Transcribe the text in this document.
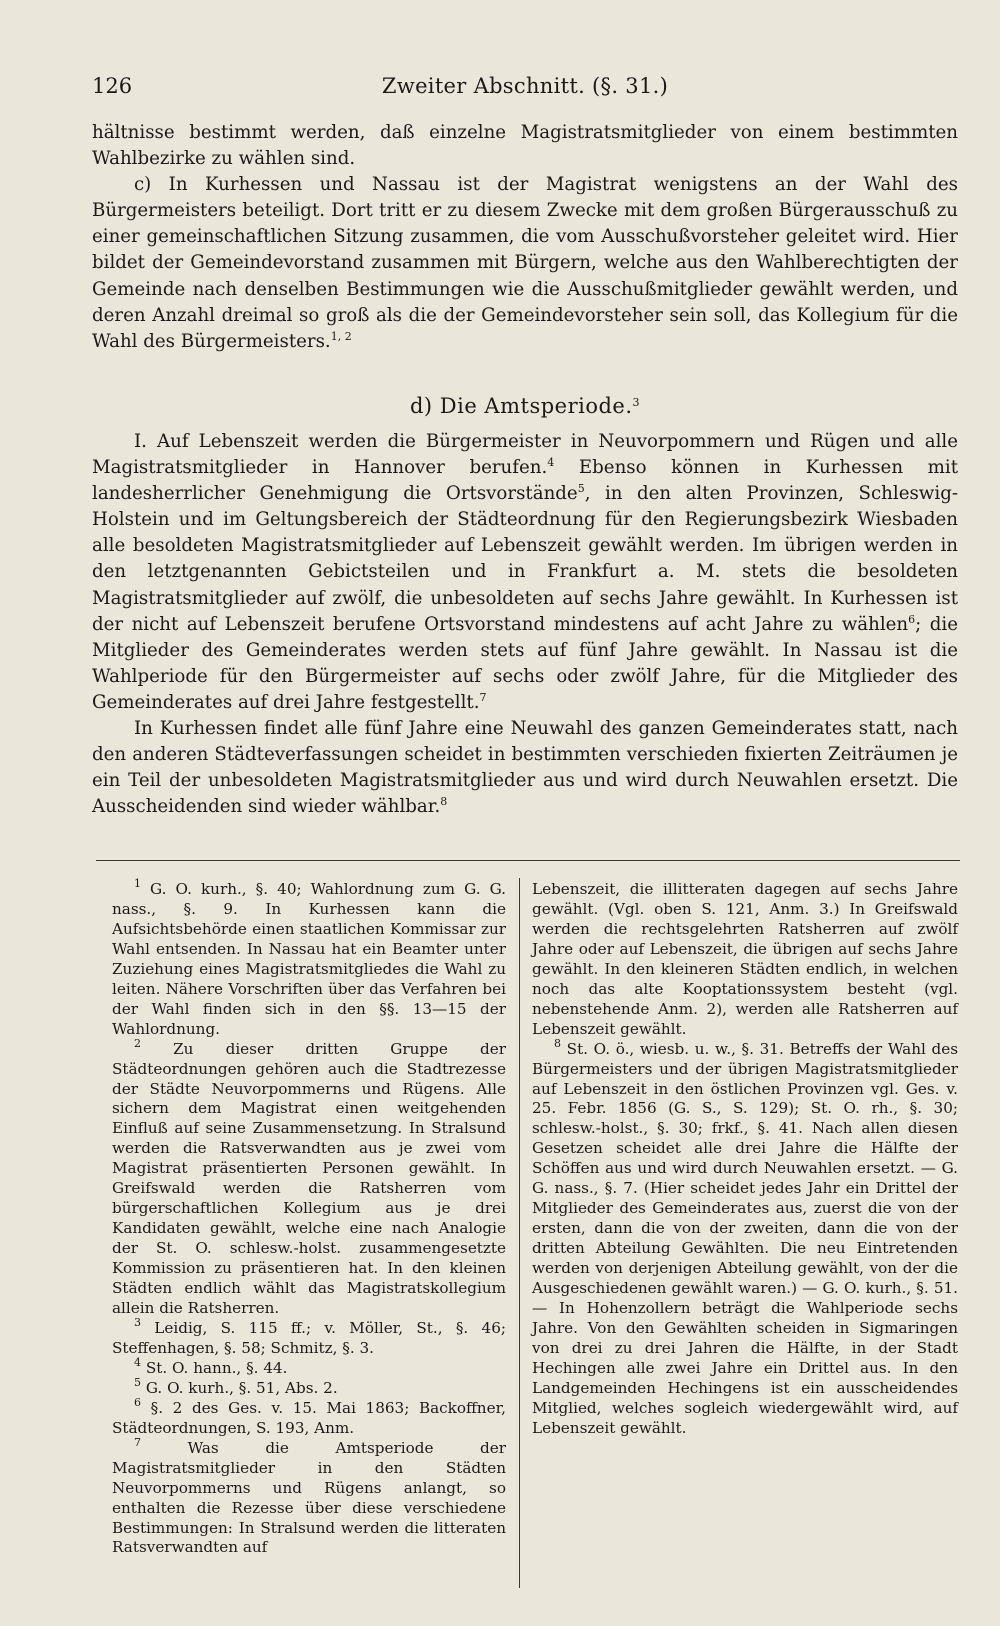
126	Zweiter Abschnitt. (§. 31.)

hältnisse bestimmt werden, daß einzelne Magistratsmitglieder von einem bestimmten Wahlbezirke zu wählen sind.

c) In Kurhessen und Nassau ist der Magistrat wenigstens an der Wahl des Bürgermeisters beteiligt. Dort tritt er zu diesem Zwecke mit dem großen Bürgerausschuß zu einer gemeinschaftlichen Sitzung zusammen, die vom Ausschußvorsteher geleitet wird. Hier bildet der Gemeindevorstand zusammen mit Bürgern, welche aus den Wahlberechtigten der Gemeinde nach denselben Bestimmungen wie die Ausschußmitglieder gewählt werden, und deren Anzahl dreimal so groß als die der Gemeindevorsteher sein soll, das Kollegium für die Wahl des Bürgermeisters.$^{1, 2}$

d) Die Amtsperiode.$^3$

I. Auf Lebenszeit werden die Bürgermeister in Neuvorpommern und Rügen und alle Magistratsmitglieder in Hannover berufen.$^4$ Ebenso können in Kurhessen mit landesherrlicher Genehmigung die Ortsvorstände$^5$, in den alten Provinzen, Schleswig-Holstein und im Geltungsbereich der Städteordnung für den Regierungsbezirk Wiesbaden alle besoldeten Magistratsmitglieder auf Lebenszeit gewählt werden. Im übrigen werden in den letztgenannten Gebictsteilen und in Frankfurt a. M. stets die besoldeten Magistratsmitglieder auf zwölf, die unbesoldeten auf sechs Jahre gewählt. In Kurhessen ist der nicht auf Lebenszeit berufene Ortsvorstand mindestens auf acht Jahre zu wählen$^6$; die Mitglieder des Gemeinderates werden stets auf fünf Jahre gewählt. In Nassau ist die Wahlperiode für den Bürgermeister auf sechs oder zwölf Jahre, für die Mitglieder des Gemeinderates auf drei Jahre festgestellt.$^7$

In Kurhessen findet alle fünf Jahre eine Neuwahl des ganzen Gemeinderates statt, nach den anderen Städteverfassungen scheidet in bestimmten verschieden fixierten Zeiträumen je ein Teil der unbesoldeten Magistratsmitglieder aus und wird durch Neuwahlen ersetzt. Die Ausscheidenden sind wieder wählbar.$^8$

$^1$ G. O. kurh., §. 40; Wahlordnung zum G. G. nass., §. 9. In Kurhessen kann die Aufsichtsbehörde einen staatlichen Kommissar zur Wahl entsenden. In Nassau hat ein Beamter unter Zuziehung eines Magistratsmitgliedes die Wahl zu leiten. Nähere Vorschriften über das Verfahren bei der Wahl finden sich in den §§. 13—15 der Wahlordnung.

$^2$ Zu dieser dritten Gruppe der Städteordnungen gehören auch die Stadtrezesse der Städte Neuvorpommerns und Rügens. Alle sichern dem Magistrat einen weitgehenden Einfluß auf seine Zusammensetzung. In Stralsund werden die Ratsverwandten aus je zwei vom Magistrat präsentierten Personen gewählt. In Greifswald werden die Ratsherren vom bürgerschaftlichen Kollegium aus je drei Kandidaten gewählt, welche eine nach Analogie der St. O. schlesw.-holst. zusammengesetzte Kommission zu präsentieren hat. In den kleinen Städten endlich wählt das Magistratskollegium allein die Ratsherren.

$^3$ Leidig, S. 115 ff.; v. Möller, St., §. 46; Steffenhagen, §. 58; Schmitz, §. 3.

$^4$ St. O. hann., §. 44.

$^5$ G. O. kurh., §. 51, Abs. 2.

$^6$ §. 2 des Ges. v. 15. Mai 1863; Backoffner, Städteordnungen, S. 193, Anm.

$^7$ Was die Amtsperiode der Magistratsmitglieder in den Städten Neuvorpommerns und Rügens anlangt, so enthalten die Rezesse über diese verschiedene Bestimmungen: In Stralsund werden die litteraten Ratsverwandten auf

Lebenszeit, die illitteraten dagegen auf sechs Jahre gewählt. (Vgl. oben S. 121, Anm. 3.) In Greifswald werden die rechtsgelehrten Ratsherren auf zwölf Jahre oder auf Lebenszeit, die übrigen auf sechs Jahre gewählt. In den kleineren Städten endlich, in welchen noch das alte Kooptationssystem besteht (vgl. nebenstehende Anm. 2), werden alle Ratsherren auf Lebenszeit gewählt.

$^8$ St. O. ö., wiesb. u. w., §. 31. Betreffs der Wahl des Bürgermeisters und der übrigen Magistratsmitglieder auf Lebenszeit in den östlichen Provinzen vgl. Ges. v. 25. Febr. 1856 (G. S., S. 129); St. O. rh., §. 30; schlesw.-holst., §. 30; frkf., §. 41. Nach allen diesen Gesetzen scheidet alle drei Jahre die Hälfte der Schöffen aus und wird durch Neuwahlen ersetzt. — G. G. nass., §. 7. (Hier scheidet jedes Jahr ein Drittel der Mitglieder des Gemeinderates aus, zuerst die von der ersten, dann die von der zweiten, dann die von der dritten Abteilung Gewählten. Die neu Eintretenden werden von derjenigen Abteilung gewählt, von der die Ausgeschiedenen gewählt waren.) — G. O. kurh., §. 51. — In Hohenzollern beträgt die Wahlperiode sechs Jahre. Von den Gewählten scheiden in Sigmaringen von drei zu drei Jahren die Hälfte, in der Stadt Hechingen alle zwei Jahre ein Drittel aus. In den Landgemeinden Hechingens ist ein ausscheidendes Mitglied, welches sogleich wiedergewählt wird, auf Lebenszeit gewählt.
